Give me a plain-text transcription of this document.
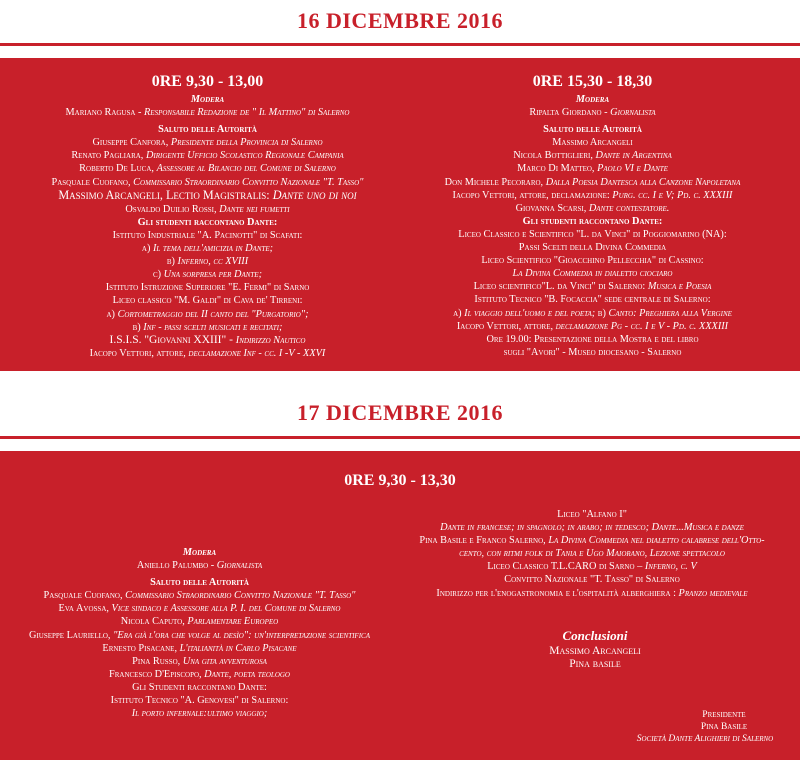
16 DICEMBRE 2016
0RE 9,30 - 13,00
Modera
Mariano Ragusa - Responsabile Redazione de " Il Mattino" di Salerno
Saluto delle Autorità
Giuseppe Canfora, Presidente della Provincia di Salerno
Renato Pagliara, Dirigente Ufficio Scolastico Regionale Campania
Roberto De Luca, Assessore al Bilancio del Comune di Salerno
Pasquale Cuofano, Commissario Straordinario Convitto Nazionale "T. Tasso"
Massimo Arcangeli, Lectio Magistralis: Dante uno di noi
Osvaldo Duilio Rossi, Dante nei fumetti
Gli studenti raccontano Dante:
Istituto Industriale "A. Pacinotti" di Scafati:
a) Il tema dell'amicizia in Dante;
b) Inferno, cc XVIII
c) Una sorpresa per Dante;
Istituto Istruzione Superiore "E. Fermi" di Sarno
Liceo classico "M. Galdi" di Cava de' Tirreni:
a) Cortometraggio del II canto del "Purgatorio";
b) Inf - passi scelti musicati e recitati;
I.S.I.S. "Giovanni XXIII" - Indirizzo Nautico
Iacopo Vettori, attore, declamazione Inf - cc. I -V - XXVI
0RE 15,30 - 18,30
Modera
Ripalta Giordano - Giornalista
Saluto delle Autorità
Massimo Arcangeli
Nicola Bottiglieri, Dante in Argentina
Marco Di Matteo, Paolo VI e Dante
Don Michele Pecoraro, Dalla Poesia Dantesca alla Canzone Napoletana
Iacopo Vettori, attore, declamazione: Purg. cc. I e V; Pd. c. XXXIII
Giovanna Scarsi, Dante contestatore.
Gli studenti raccontano Dante:
Liceo Classico e Scientifico "L. da Vinci" di Poggiomarino (NA):
Passi Scelti della Divina Commedia
Liceo Scientifico "Gioacchino Pellecchia" di Cassino:
La Divina Commedia in dialetto ciociaro
Liceo scientifico"L. da Vinci" di Salerno: Musica e Poesia
Istituto Tecnico "B. Focaccia" sede centrale di Salerno:
a) Il viaggio dell'uomo e del poeta; b) Canto: Preghiera alla Vergine
Iacopo Vettori, attore, declamazione Pg - cc. I e V - Pd. c. XXXIII
Ore 19.00: Presentazione della Mostra e del libro
sugli "Avori" - Museo diocesano - Salerno
17 DICEMBRE 2016
0RE 9,30 - 13,30
Modera
Aniello Palumbo - Giornalista
Saluto delle Autorità
Pasquale Cuofano, Commissario Straordinario Convitto Nazionale "T. Tasso"
Eva Avossa, Vice sindaco e Assessore alla P. I. del Comune di Salerno
Nicola Caputo, Parlamentare Europeo
Giuseppe Lauriello, "Era già l'ora che volge al desìo": un'interpretazione scientifica
Ernesto Pisacane, L'italianità in Carlo Pisacane
Pina Russo, Una gita avventurosa
Francesco D'Episcopo, Dante, poeta teologo
Gli Studenti raccontano Dante:
Istituto Tecnico "A. Genovesi" di Salerno:
Il porto infernale:ultimo viaggio;
Liceo "Alfano I"
Dante in francese; in spagnolo; in arabo; in tedesco; Dante...Musica e danze
Pina Basile e Franco Salerno, La Divina Commedia nel dialetto calabrese dell'Otto-
cento, con ritmi folk di Tania e Ugo Maiorano, Lezione spettacolo
Liceo Classico T.L.CARO di Sarno – Inferno, c. V
Convitto Nazionale "T. Tasso" di Salerno
Indirizzo per l'enogastronomia e l'ospitalità alberghiera : Pranzo medievale
Conclusioni
Massimo Arcangeli
Pina basile
Presidente
Pina Basile
Società Dante Alighieri di Salerno
